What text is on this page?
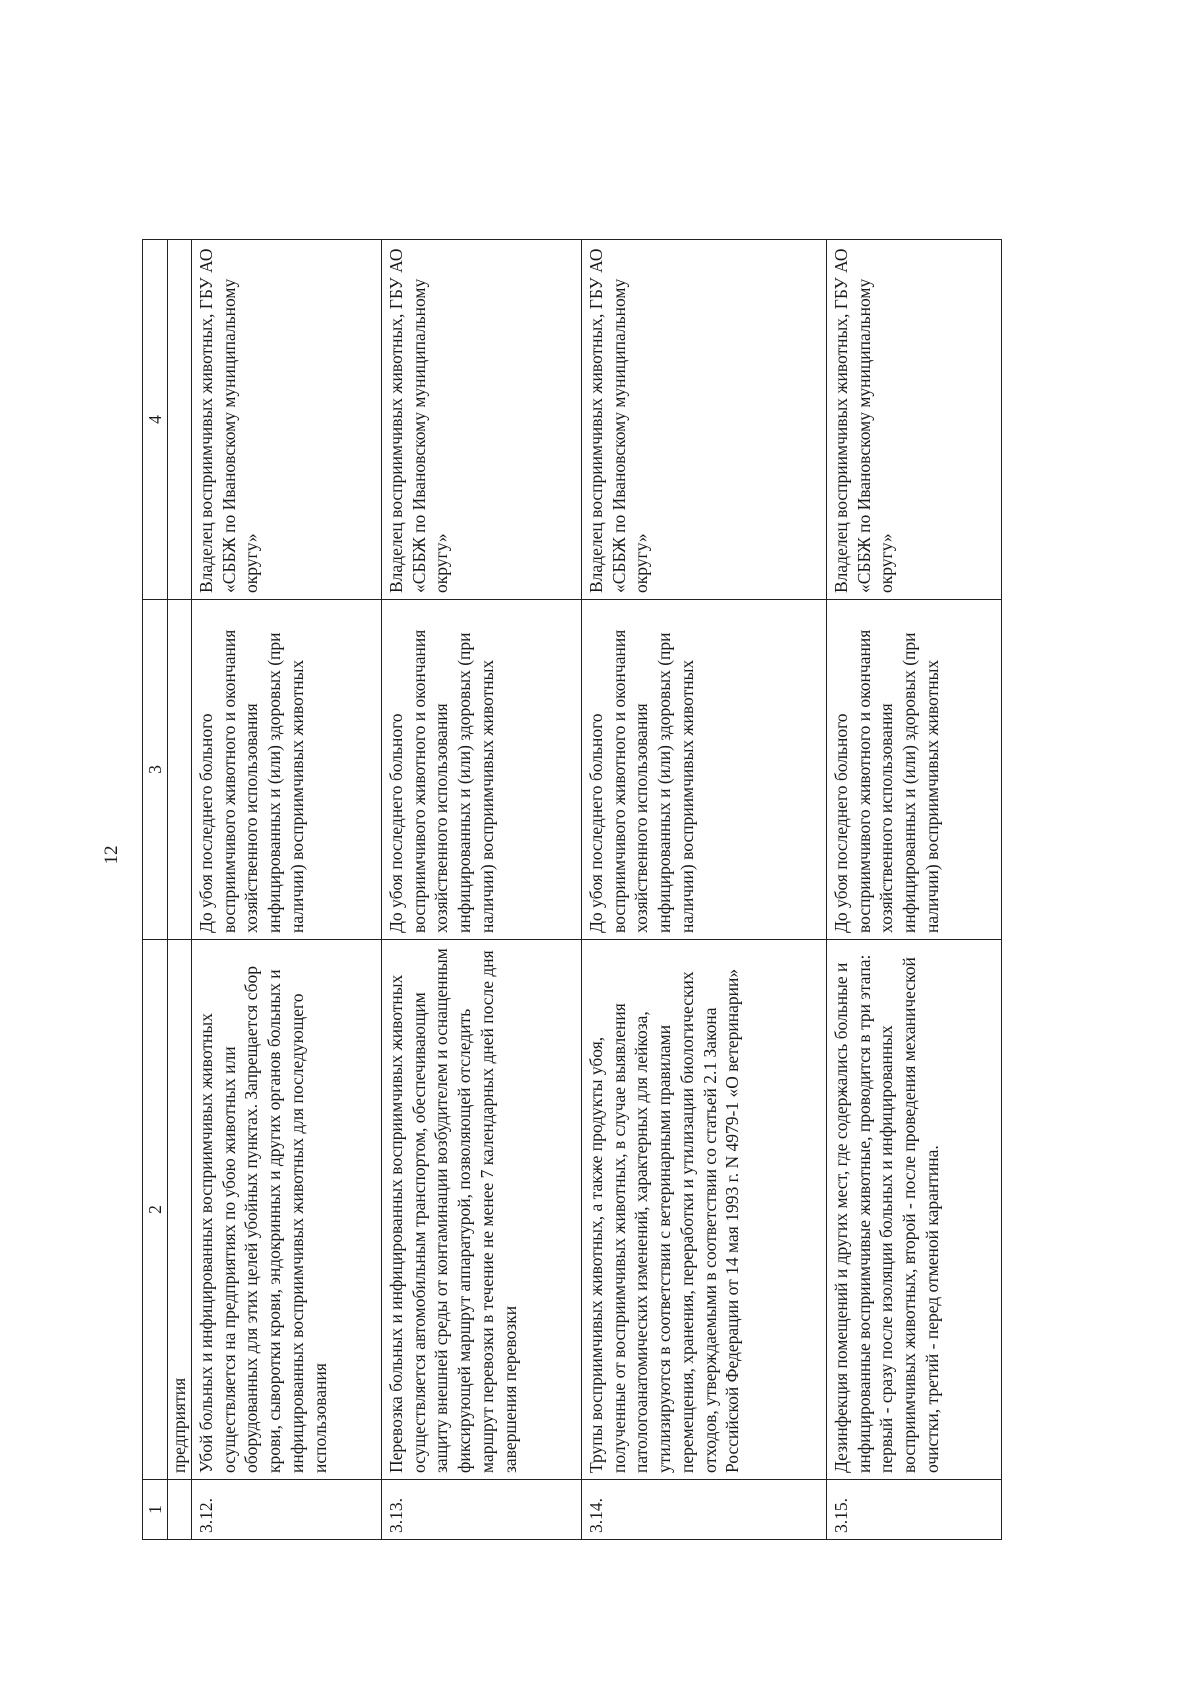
12
1	2	3	4
	предприятия		
3.12.	Убой больных и инфицированных восприимчивых животных осуществляется на предприятиях по убою животных или оборудованных для этих целей убойных пунктах. Запрещается сбор крови, сыворотки крови, эндокринных и других органов больных и инфицированных восприимчивых животных для последующего использования	До убоя последнего больного восприимчивого животного и окончания хозяйственного использования инфицированных и (или) здоровых (при наличии) восприимчивых животных	Владелец восприимчивых животных, ГБУ АО «СББЖ по Ивановскому муниципальному округу»
3.13.	Перевозка больных и инфицированных восприимчивых животных осуществляется автомобильным транспортом, обеспечивающим защиту внешней среды от контаминации возбудителем и оснащенным фиксирующей маршрут аппаратурой, позволяющей отследить маршрут перевозки в течение не менее 7 календарных дней после дня завершения перевозки	До убоя последнего больного восприимчивого животного и окончания хозяйственного использования инфицированных и (или) здоровых (при наличии) восприимчивых животных	Владелец восприимчивых животных, ГБУ АО «СББЖ по Ивановскому муниципальному округу»
3.14.	Трупы восприимчивых животных, а также продукты убоя, полученные от восприимчивых животных, в случае выявления патологоанатомических изменений, характерных для лейкоза, утилизируются в соответствии с ветеринарными правилами перемещения, хранения, переработки и утилизации биологических отходов, утверждаемыми в соответствии со статьей 2.1 Закона Российской Федерации от 14 мая 1993 г. N 4979-1 «О ветеринарии»	До убоя последнего больного восприимчивого животного и окончания хозяйственного использования инфицированных и (или) здоровых (при наличии) восприимчивых животных	Владелец восприимчивых животных, ГБУ АО «СББЖ по Ивановскому муниципальному округу»
3.15.	Дезинфекция помещений и других мест, где содержались больные и инфицированные восприимчивые животные, проводится в три этапа: первый - сразу после изоляции больных и инфицированных восприимчивых животных, второй - после проведения механической очистки, третий - перед отменой карантина.	До убоя последнего больного восприимчивого животного и окончания хозяйственного использования инфицированных и (или) здоровых (при наличии) восприимчивых животных	Владелец восприимчивых животных, ГБУ АО «СББЖ по Ивановскому муниципальному округу»
